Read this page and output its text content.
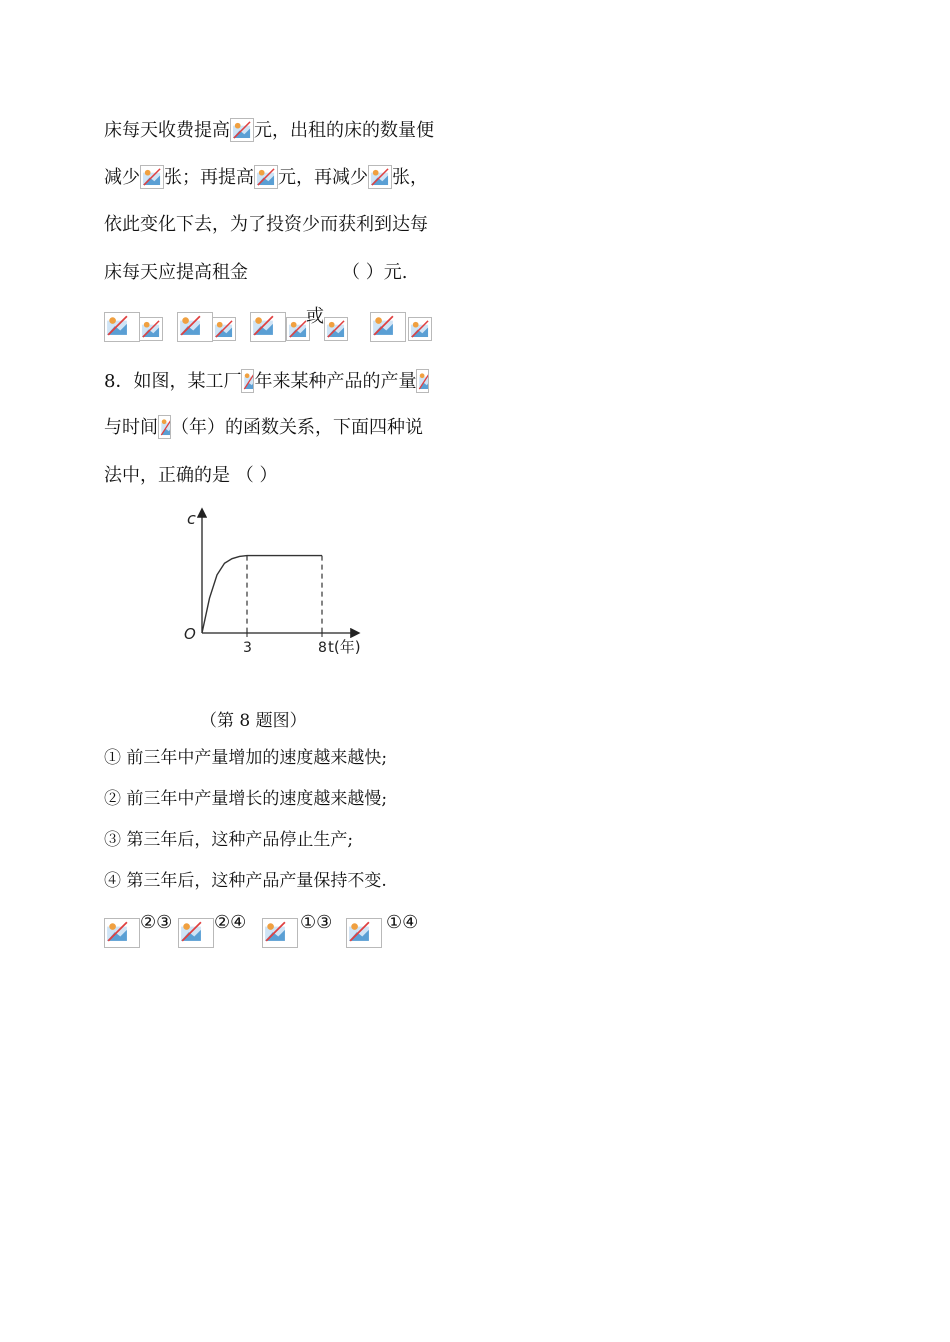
床每天收费提高 元，出租的床的数量便
减少 张；再提高 元，再减少 张，
依此变化下去，为了投资少而获利到达每
床每天应提高租金	（ ）元.
或
8．如图，某工厂 年来某种产品的产量
与时间 （年）的函数关系，下面四种说
法中，正确的是 （ ）
c
O
t(年)
3	8
（第 8 题图）
① 前三年中产量增加的速度越来越快;
② 前三年中产量增长的速度越来越慢;
③ 第三年后，这种产品停止生产;
④ 第三年后，这种产品产量保持不变.
②③ ②④	①③	①④
